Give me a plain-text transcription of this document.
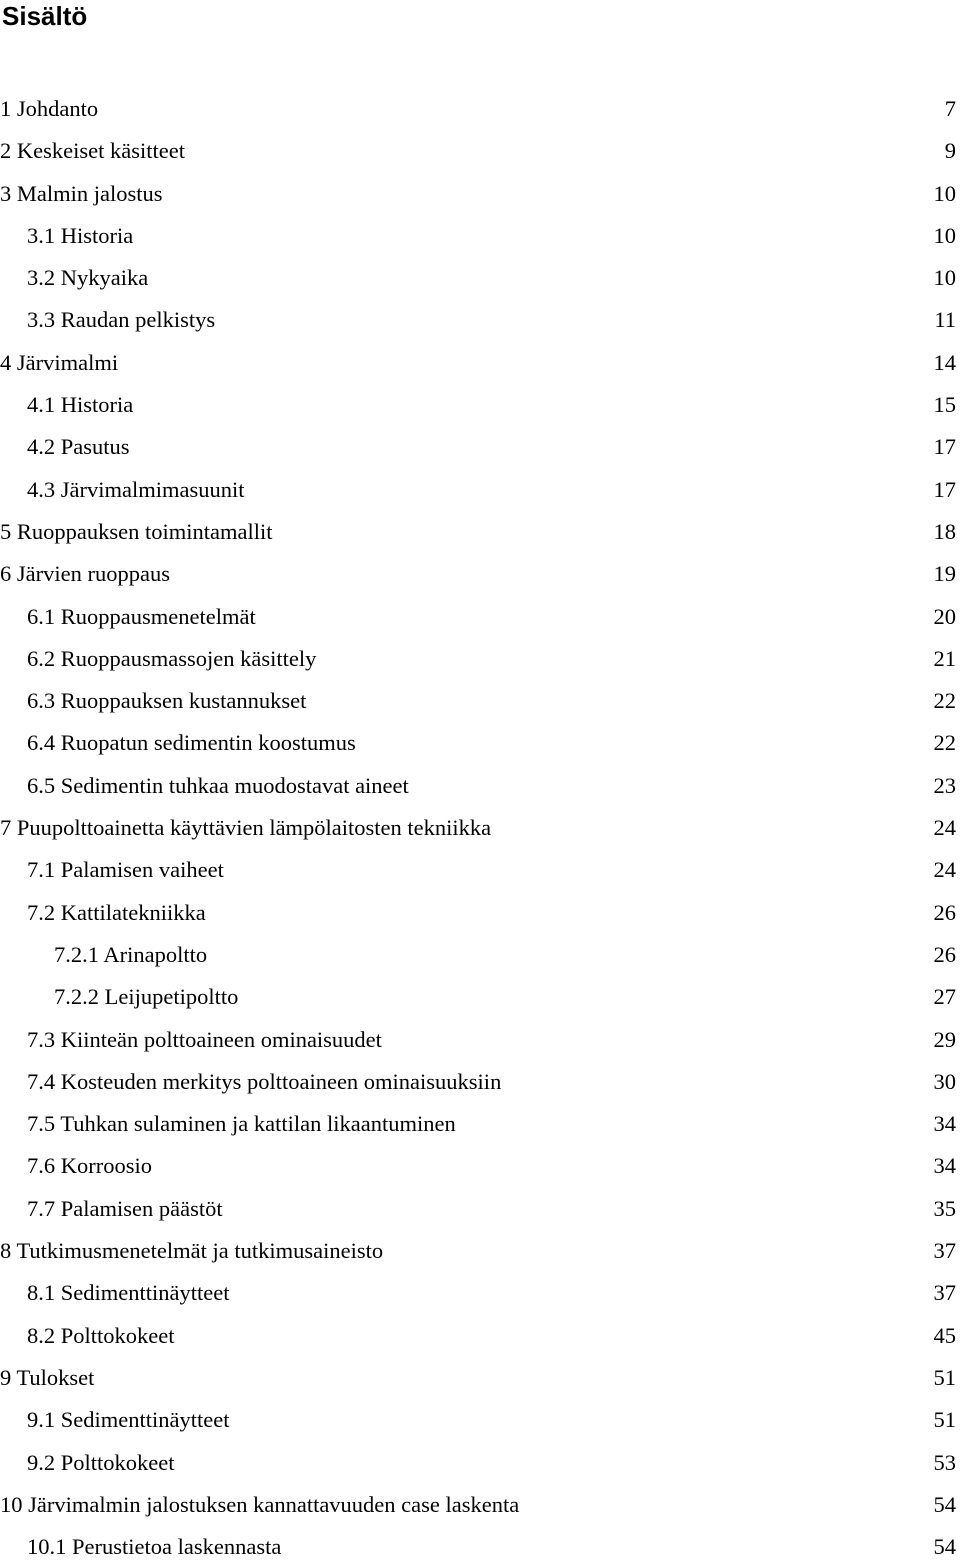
Sisältö
1 Johdanto	7
2 Keskeiset käsitteet	9
3 Malmin jalostus	10
3.1 Historia	10
3.2 Nykyaika	10
3.3 Raudan pelkistys	11
4 Järvimalmi	14
4.1 Historia	15
4.2 Pasutus	17
4.3 Järvimalmimasuunit	17
5 Ruoppauksen toimintamallit	18
6 Järvien ruoppaus	19
6.1 Ruoppausmenetelmät	20
6.2 Ruoppausmassojen käsittely	21
6.3 Ruoppauksen kustannukset	22
6.4 Ruopatun sedimentin koostumus	22
6.5 Sedimentin tuhkaa muodostavat aineet	23
7 Puupolttoainetta käyttävien lämpölaitosten tekniikka	24
7.1 Palamisen vaiheet	24
7.2 Kattilatekniikka	26
7.2.1 Arinapoltto	26
7.2.2 Leijupetipoltto	27
7.3 Kiinteän polttoaineen ominaisuudet	29
7.4 Kosteuden merkitys polttoaineen ominaisuuksiin	30
7.5 Tuhkan sulaminen ja kattilan likaantuminen	34
7.6 Korroosio	34
7.7 Palamisen päästöt	35
8 Tutkimusmenetelmät ja tutkimusaineisto	37
8.1 Sedimenttinäytteet	37
8.2 Polttokokeet	45
9 Tulokset	51
9.1 Sedimenttinäytteet	51
9.2 Polttokokeet	53
10 Järvimalmin jalostuksen kannattavuuden case laskenta	54
10.1 Perustietoa laskennasta	54
